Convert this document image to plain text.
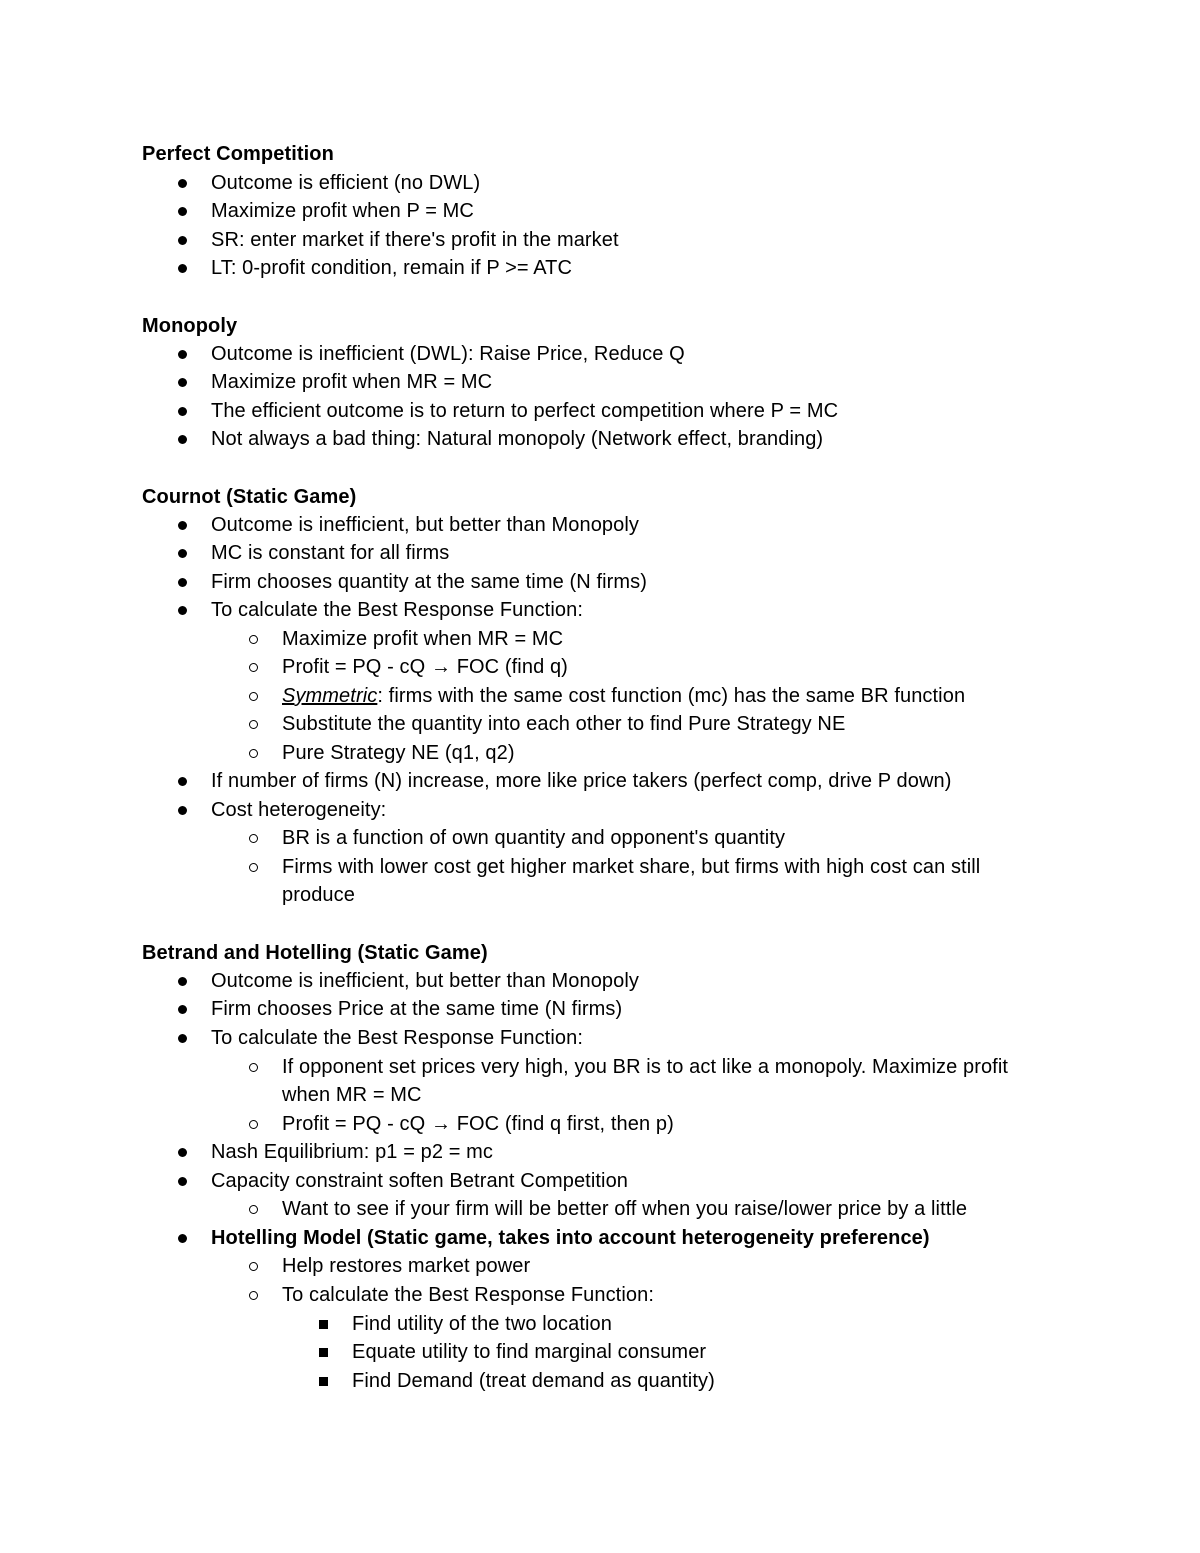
Perfect Competition
Outcome is efficient (no DWL)
Maximize profit when P = MC
SR: enter market if there's profit in the market
LT: 0-profit condition, remain if P >= ATC
Monopoly
Outcome is inefficient (DWL): Raise Price, Reduce Q
Maximize profit when MR = MC
The efficient outcome is to return to perfect competition where P = MC
Not always a bad thing: Natural monopoly (Network effect, branding)
Cournot (Static Game)
Outcome is inefficient, but better than Monopoly
MC is constant for all firms
Firm chooses quantity at the same time (N firms)
To calculate the Best Response Function:
Maximize profit when MR = MC
Profit = PQ - cQ → FOC (find q)
Symmetric: firms with the same cost function (mc) has the same BR function
Substitute the quantity into each other to find Pure Strategy NE
Pure Strategy NE (q1, q2)
If number of firms (N) increase, more like price takers (perfect comp, drive P down)
Cost heterogeneity:
BR is a function of own quantity and opponent's quantity
Firms with lower cost get higher market share, but firms with high cost can still
produce
Betrand and Hotelling (Static Game)
Outcome is inefficient, but better than Monopoly
Firm chooses Price at the same time (N firms)
To calculate the Best Response Function:
If opponent set prices very high, you BR is to act like a monopoly. Maximize profit
when MR = MC
Profit = PQ - cQ → FOC (find q first, then p)
Nash Equilibrium: p1 = p2 = mc
Capacity constraint soften Betrant Competition
Want to see if your firm will be better off when you raise/lower price by a little
Hotelling Model (Static game, takes into account heterogeneity preference)
Help restores market power
To calculate the Best Response Function:
Find utility of the two location
Equate utility to find marginal consumer
Find Demand (treat demand as quantity)
